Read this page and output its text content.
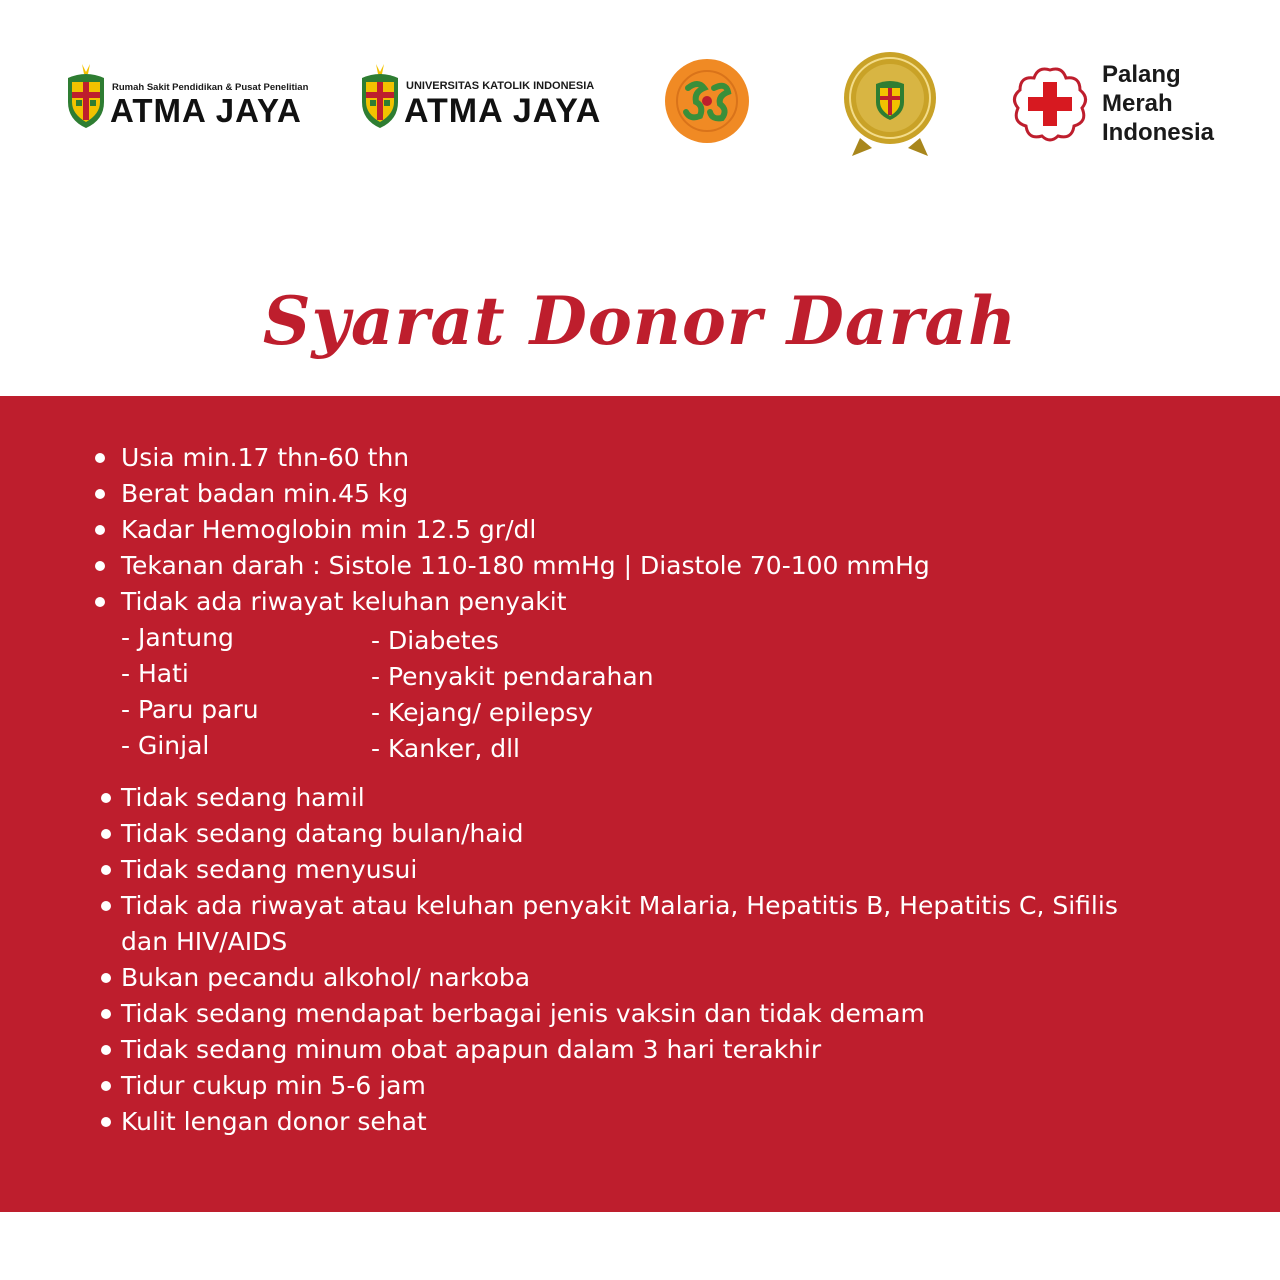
Rumah Sakit Pendidikan & Pusat Penelitian
ATMA JAYA
UNIVERSITAS KATOLIK INDONESIA
ATMA JAYA
Palang
Merah
Indonesia
Syarat Donor Darah
Usia min.17 thn-60 thn
Berat badan min.45 kg
Kadar Hemoglobin min 12.5 gr/dl
Tekanan darah : Sistole 110-180 mmHg | Diastole 70-100 mmHg
Tidak ada riwayat keluhan penyakit
- Jantung
- Hati
- Paru paru
- Ginjal
- Diabetes
- Penyakit pendarahan
- Kejang/ epilepsy
- Kanker, dll
Tidak sedang hamil
Tidak sedang datang bulan/haid
Tidak sedang menyusui
Tidak ada riwayat atau keluhan penyakit Malaria, Hepatitis B, Hepatitis C, Sifilis
dan HIV/AIDS
Bukan pecandu alkohol/ narkoba
Tidak sedang mendapat berbagai jenis vaksin dan tidak demam
Tidak sedang minum obat apapun dalam 3 hari terakhir
Tidur cukup min 5-6 jam
Kulit lengan donor sehat
